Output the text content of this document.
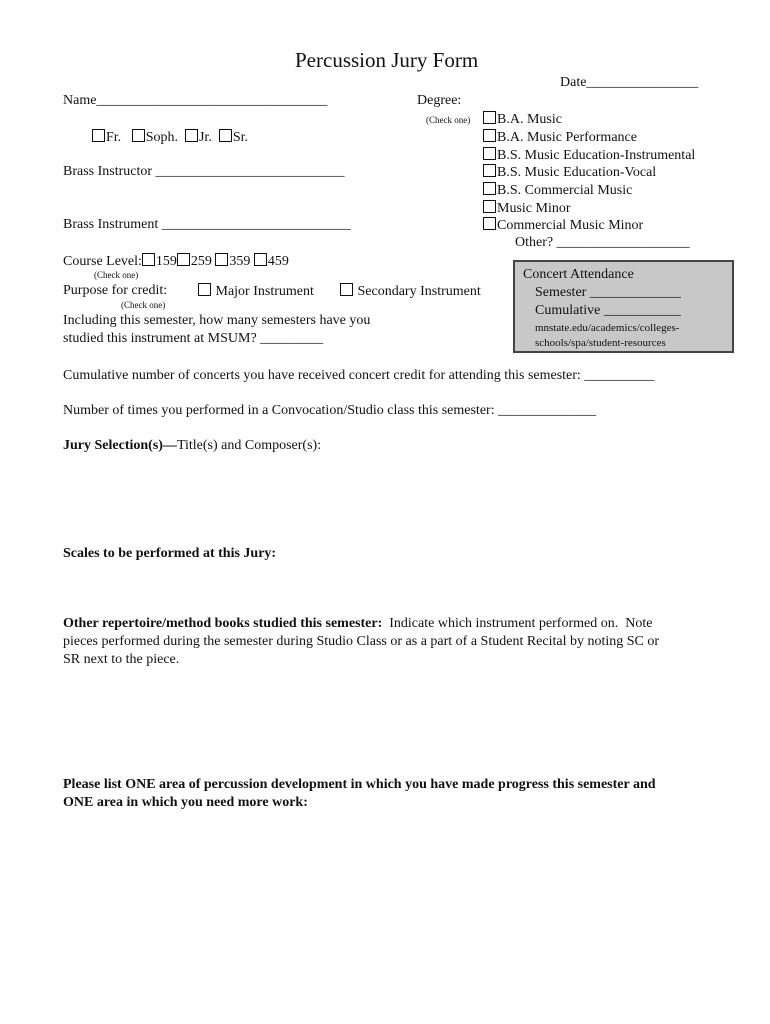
Percussion Jury Form
Date________________
Name_________________________________	Degree:
(Check one)	B.A. Music
B.A. Music Performance
B.S. Music Education-Instrumental
B.S. Music Education-Vocal
B.S. Commercial Music
Music Minor
Commercial Music Minor
Other? ___________________
Fr. Soph. Jr. Sr.
Brass Instructor ___________________________
Brass Instrument ___________________________
Course Level: 159 259 359 459
(Check one)
Purpose for credit:	Major Instrument	Secondary Instrument
(Check one)
Including this semester, how many semesters have you
studied this instrument at MSUM? _________
Concert Attendance
Semester _____________
Cumulative ___________
mnstate.edu/academics/colleges-
schools/spa/student-resources
Cumulative number of concerts you have received concert credit for attending this semester: __________
Number of times you performed in a Convocation/Studio class this semester: ______________
Jury Selection(s)—Title(s) and Composer(s):
Scales to be performed at this Jury:
Other repertoire/method books studied this semester:  Indicate which instrument performed on.  Note
pieces performed during the semester during Studio Class or as a part of a Student Recital by noting SC or
SR next to the piece.
Please list ONE area of percussion development in which you have made progress this semester and
ONE area in which you need more work:
